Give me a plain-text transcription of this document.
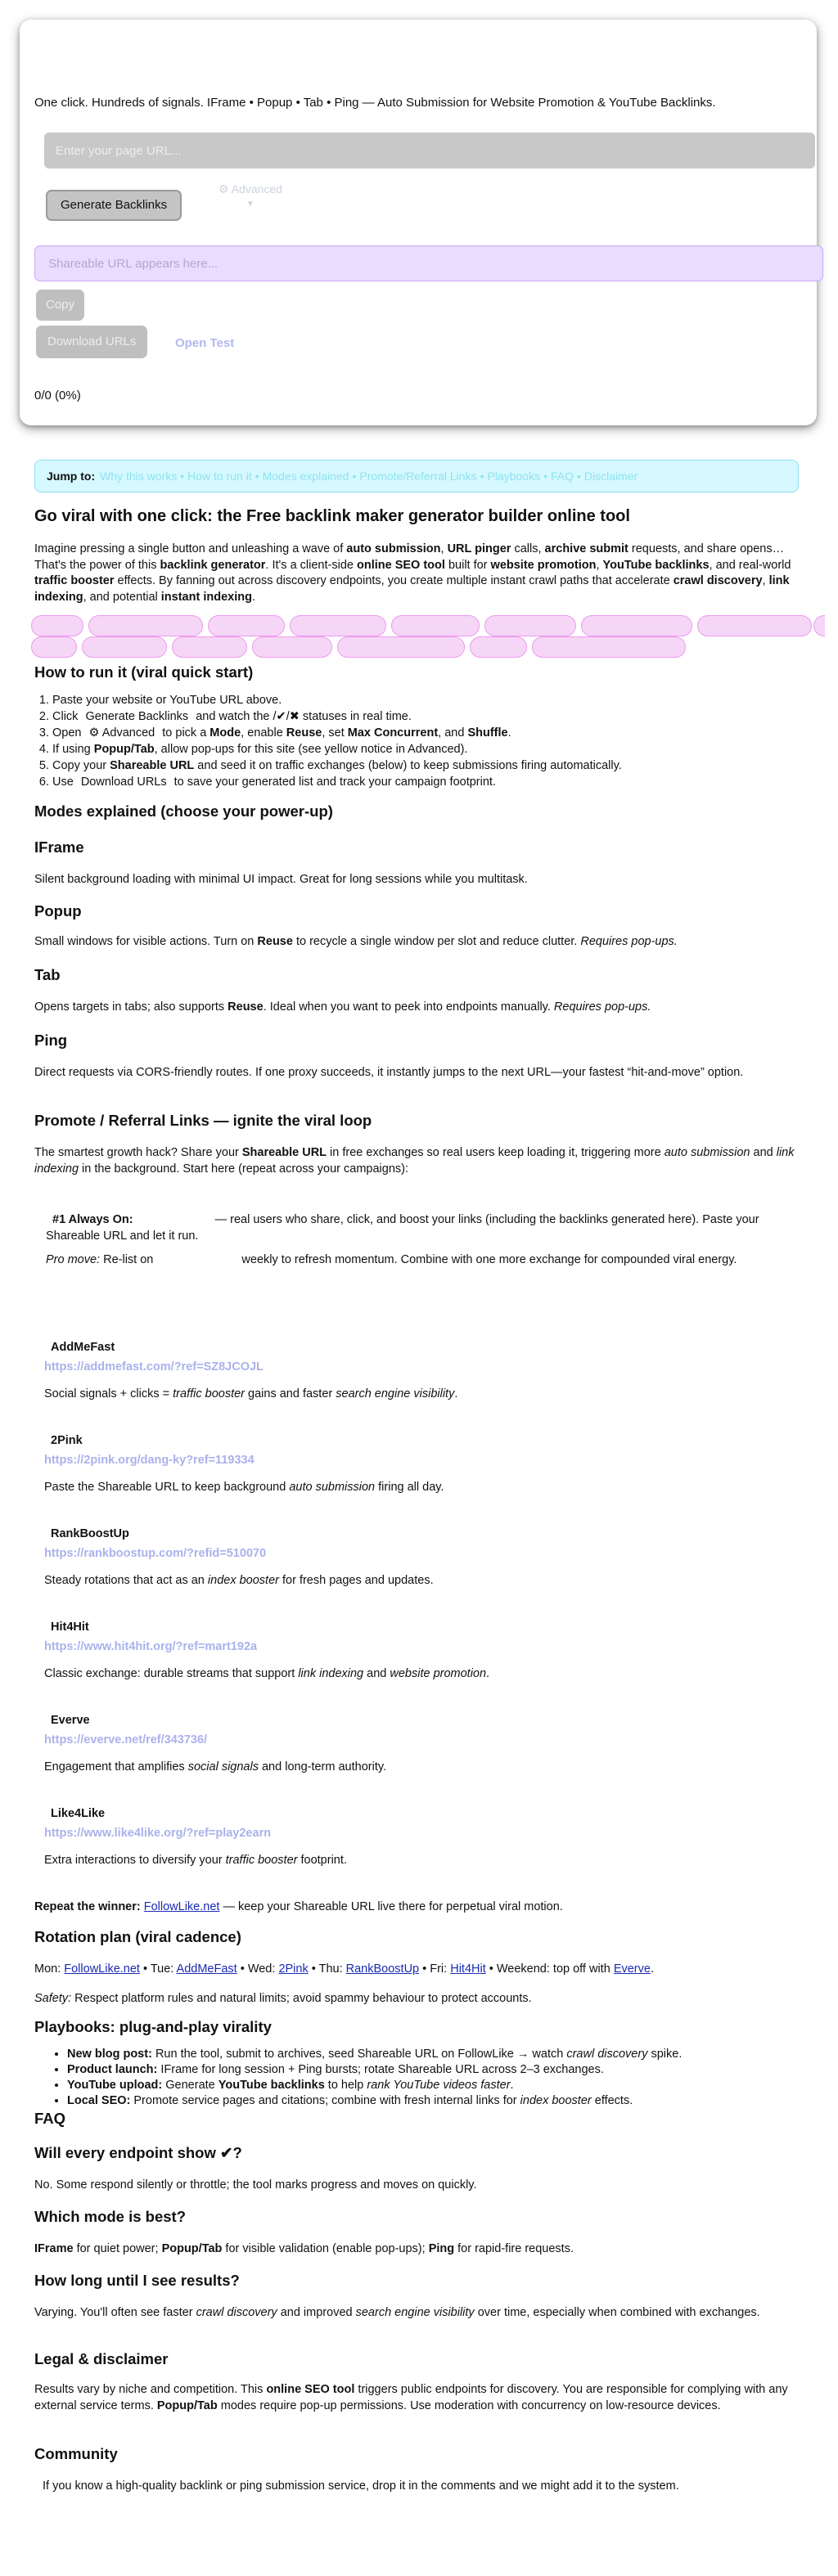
One click. Hundreds of signals. IFrame • Popup • Tab • Ping — Auto Submission for Website Promotion & YouTube Backlinks.
Enter your page URL...
Generate Backlinks
⚙ Advanced
▼
Shareable URL appears here...
Copy
Download URLs	Open Test
0/0 (0%)
Jump to: Why this works • How to run it • Modes explained • Promote/Referral Links • Playbooks • FAQ • Disclaimer
Go viral with one click: the Free backlink maker generator builder online tool

Imagine pressing a single button and unleashing a wave of auto submission, URL pinger calls, archive submit requests, and share opens… That's the power of this backlink generator. It's a client-side online SEO tool built for website promotion, YouTube backlinks, and real-world traffic booster effects. By fanning out across discovery endpoints, you create multiple instant crawl paths that accelerate crawl discovery, link indexing, and potential instant indexing.

How to run it (viral quick start)
1. Paste your website or YouTube URL above.
2. Click Generate Backlinks and watch the /✔/✖ statuses in real time.
3. Open ⚙ Advanced to pick a Mode, enable Reuse, set Max Concurrent, and Shuffle.
4. If using Popup/Tab, allow pop-ups for this site (see yellow notice in Advanced).
5. Copy your Shareable URL and seed it on traffic exchanges (below) to keep submissions firing automatically.
6. Use Download URLs to save your generated list and track your campaign footprint.
Modes explained (choose your power-up)
IFrame

Silent background loading with minimal UI impact. Great for long sessions while you multitask.

Popup

Small windows for visible actions. Turn on Reuse to recycle a single window per slot and reduce clutter. Requires pop-ups.

Tab

Opens targets in tabs; also supports Reuse. Ideal when you want to peek into endpoints manually. Requires pop-ups.

Ping

Direct requests via CORS-friendly routes. If one proxy succeeds, it instantly jumps to the next URL—your fastest “hit-and-move” option.

Promote / Referral Links — ignite the viral loop

The smartest growth hack? Share your Shareable URL in free exchanges so real users keep loading it, triggering more auto submission and link indexing in the background. Start here (repeat across your campaigns):

#1 Always On:	— real users who share, click, and boost your links (including the backlinks generated here). Paste your Shareable URL and let it run.

Pro move: Re-list on	weekly to refresh momentum. Combine with one more exchange for compounded viral energy.

AddMeFast
https://addmefast.com/?ref=SZ8JCOJL

Social signals + clicks = traffic booster gains and faster search engine visibility.

2Pink
https://2pink.org/dang-ky?ref=119334

Paste the Shareable URL to keep background auto submission firing all day.

RankBoostUp
https://rankboostup.com/?refid=510070

Steady rotations that act as an index booster for fresh pages and updates.

Hit4Hit
https://www.hit4hit.org/?ref=mart192a

Classic exchange: durable streams that support link indexing and website promotion.

Everve
https://everve.net/ref/343736/

Engagement that amplifies social signals and long-term authority.

Like4Like
https://www.like4like.org/?ref=play2earn

Extra interactions to diversify your traffic booster footprint.

Repeat the winner: FollowLike.net — keep your Shareable URL live there for perpetual viral motion.

Rotation plan (viral cadence)

Mon: FollowLike.net • Tue: AddMeFast • Wed: 2Pink • Thu: RankBoostUp • Fri: Hit4Hit • Weekend: top off with Everve.

Safety: Respect platform rules and natural limits; avoid spammy behaviour to protect accounts.

Playbooks: plug-and-play virality
• New blog post: Run the tool, submit to archives, seed Shareable URL on FollowLike → watch crawl discovery spike.
• Product launch: IFrame for long session + Ping bursts; rotate Shareable URL across 2–3 exchanges.
• YouTube upload: Generate YouTube backlinks to help rank YouTube videos faster.
• Local SEO: Promote service pages and citations; combine with fresh internal links for index booster effects.
FAQ
Will every endpoint show ✔?

No. Some respond silently or throttle; the tool marks progress and moves on quickly.

Which mode is best?

IFrame for quiet power; Popup/Tab for visible validation (enable pop-ups); Ping for rapid-fire requests.

How long until I see results?

Varying. You'll often see faster crawl discovery and improved search engine visibility over time, especially when combined with exchanges.

Legal & disclaimer

Results vary by niche and competition. This online SEO tool triggers public endpoints for discovery. You are responsible for complying with any external service terms. Popup/Tab modes require pop-up permissions. Use moderation with concurrency on low-resource devices.

Community

If you know a high-quality backlink or ping submission service, drop it in the comments and we might add it to the system.
